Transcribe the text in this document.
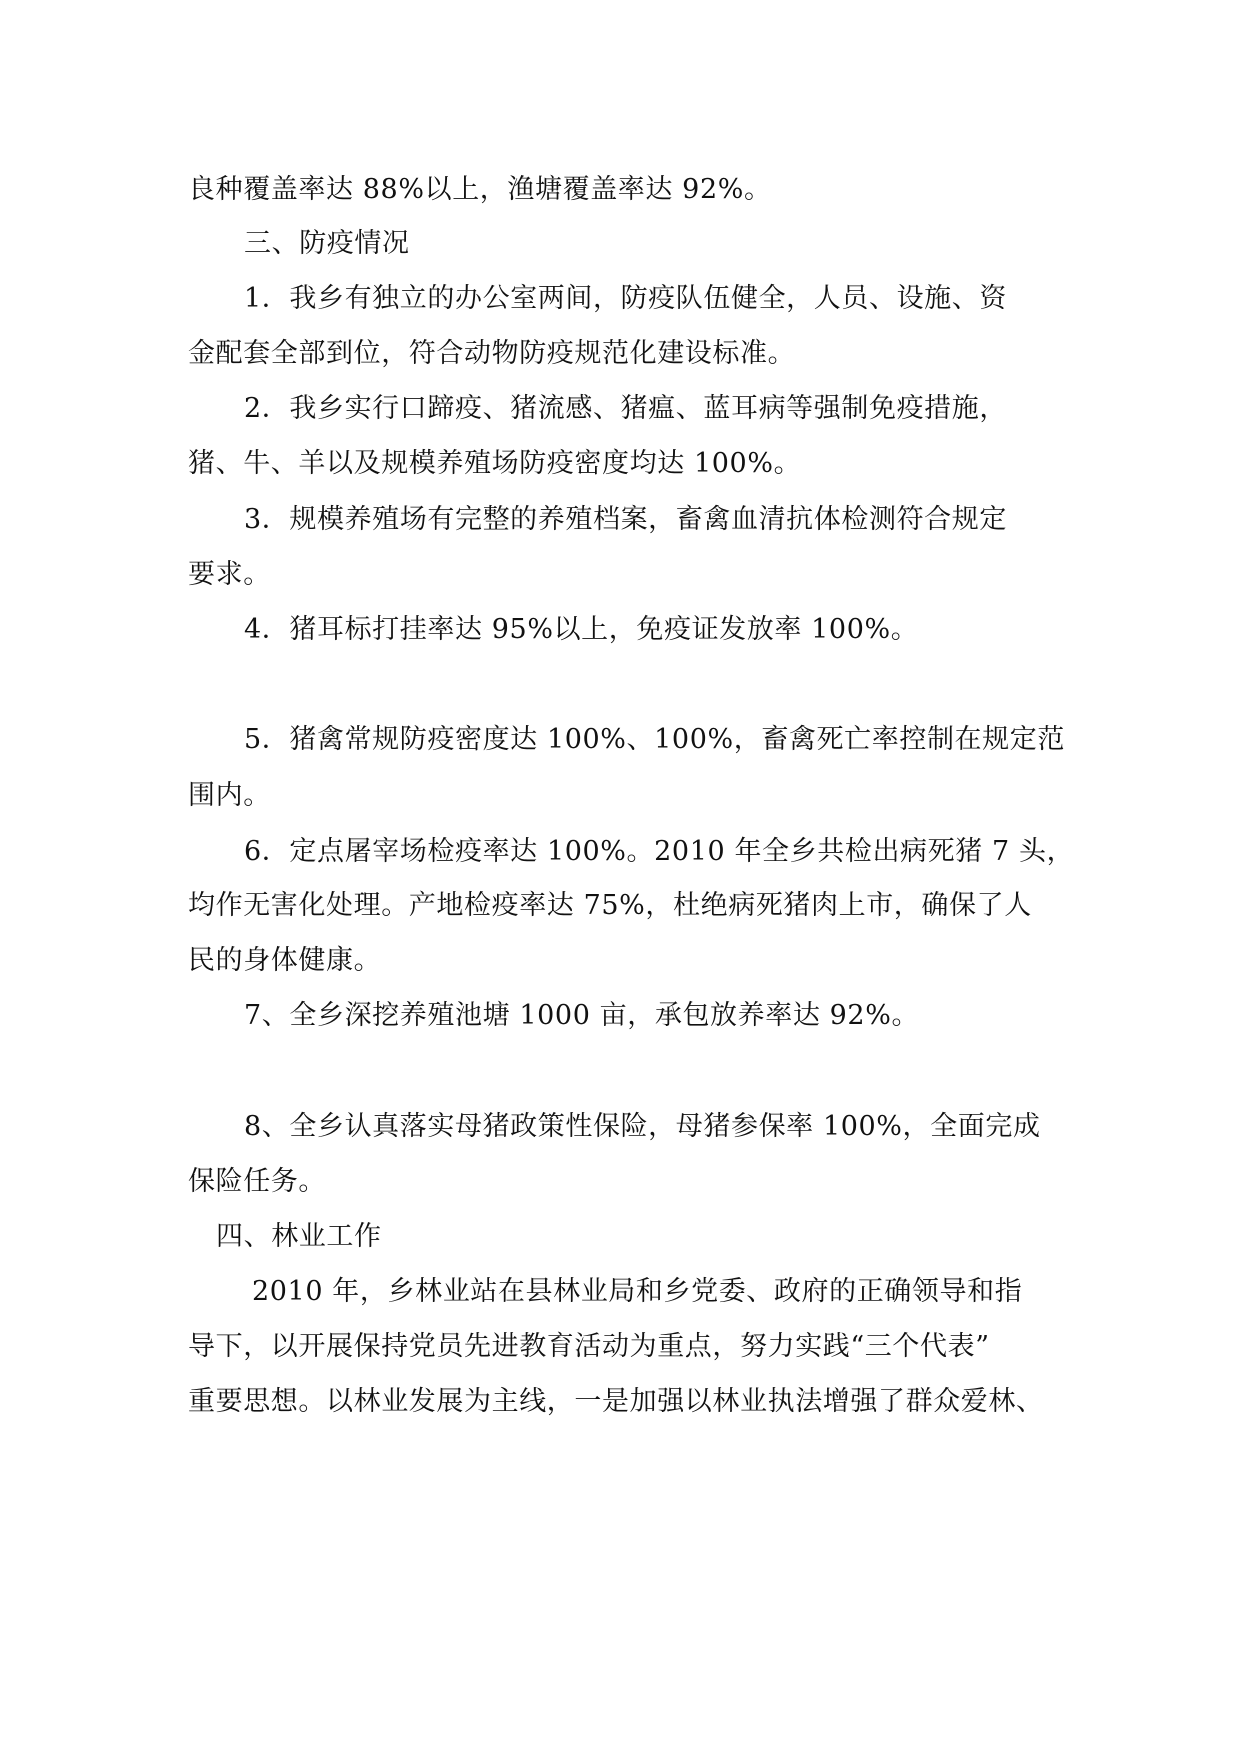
良种覆盖率达 88%以上，渔塘覆盖率达 92%。
三、防疫情况
1．我乡有独立的办公室两间，防疫队伍健全，人员、设施、资
金配套全部到位，符合动物防疫规范化建设标准。
2．我乡实行口蹄疫、猪流感、猪瘟、蓝耳病等强制免疫措施，
猪、牛、羊以及规模养殖场防疫密度均达 100%。
3．规模养殖场有完整的养殖档案，畜禽血清抗体检测符合规定
要求。
4．猪耳标打挂率达 95%以上，免疫证发放率 100%。
5．猪禽常规防疫密度达 100%、100%，畜禽死亡率控制在规定范
围内。
6．定点屠宰场检疫率达 100%。2010 年全乡共检出病死猪 7 头，
均作无害化处理。产地检疫率达 75%，杜绝病死猪肉上市，确保了人
民的身体健康。
7、全乡深挖养殖池塘 1000 亩，承包放养率达 92%。
8、全乡认真落实母猪政策性保险，母猪参保率 100%，全面完成
保险任务。
四、林业工作
2010 年，乡林业站在县林业局和乡党委、政府的正确领导和指
导下，以开展保持党员先进教育活动为重点，努力实践“三个代表”
重要思想。以林业发展为主线，一是加强以林业执法增强了群众爱林、
